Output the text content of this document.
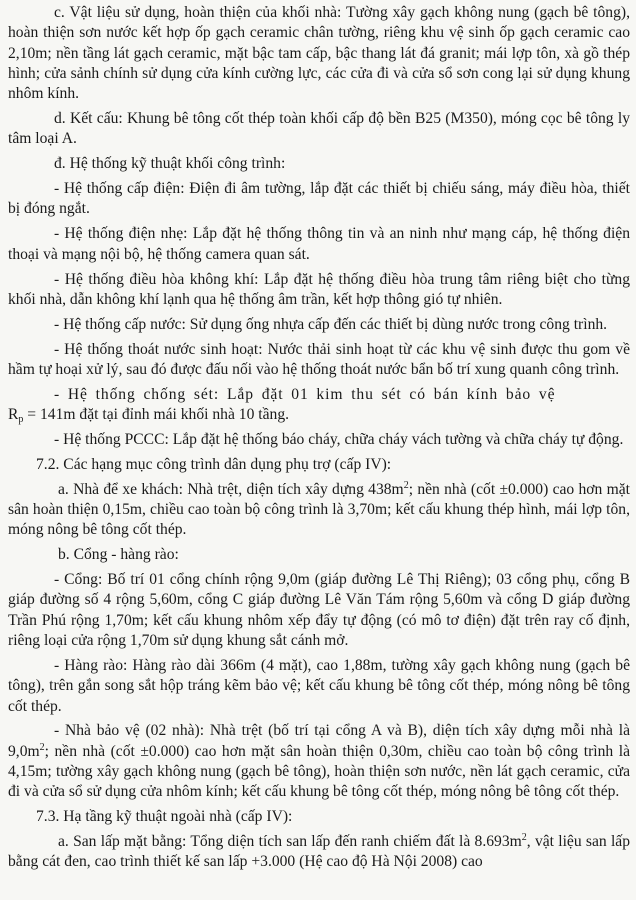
c. Vật liệu sử dụng, hoàn thiện của khối nhà: Tường xây gạch không nung (gạch bê tông), hoàn thiện sơn nước kết hợp ốp gạch ceramic chân tường, riêng khu vệ sinh ốp gạch ceramic cao 2,10m; nền tầng lát gạch ceramic, mặt bậc tam cấp, bậc thang lát đá granit; mái lợp tôn, xà gồ thép hình; cửa sảnh chính sử dụng cửa kính cường lực, các cửa đi và cửa sổ sơn cong lại sử dụng khung nhôm kính.

d. Kết cấu: Khung bê tông cốt thép toàn khối cấp độ bền B25 (M350), móng cọc bê tông ly tâm loại A.

đ. Hệ thống kỹ thuật khối công trình:

- Hệ thống cấp điện: Điện đi âm tường, lắp đặt các thiết bị chiếu sáng, máy điều hòa, thiết bị đóng ngắt.

- Hệ thống điện nhẹ: Lắp đặt hệ thống thông tin và an ninh như mạng cáp, hệ thống điện thoại và mạng nội bộ, hệ thống camera quan sát.

- Hệ thống điều hòa không khí: Lắp đặt hệ thống điều hòa trung tâm riêng biệt cho từng khối nhà, dẫn không khí lạnh qua hệ thống âm trần, kết hợp thông gió tự nhiên.

- Hệ thống cấp nước: Sử dụng ống nhựa cấp đến các thiết bị dùng nước trong công trình.

- Hệ thống thoát nước sinh hoạt: Nước thải sinh hoạt từ các khu vệ sinh được thu gom về hầm tự hoại xử lý, sau đó được đấu nối vào hệ thống thoát nước bẩn bố trí xung quanh công trình.

- Hệ thống chống sét: Lắp đặt 01 kim thu sét có bán kính bảo vệ
$R_p = 141m$ đặt tại đỉnh mái khối nhà 10 tầng.

- Hệ thống PCCC: Lắp đặt hệ thống báo cháy, chữa cháy vách tường và chữa cháy tự động.

7.2. Các hạng mục công trình dân dụng phụ trợ (cấp IV):

a. Nhà để xe khách: Nhà trệt, diện tích xây dựng $438m^2$; nền nhà (cốt ±0.000) cao hơn mặt sân hoàn thiện 0,15m, chiều cao toàn bộ công trình là 3,70m; kết cấu khung thép hình, mái lợp tôn, móng nông bê tông cốt thép.

b. Cổng - hàng rào:

- Cổng: Bố trí 01 cổng chính rộng 9,0m (giáp đường Lê Thị Riêng); 03 cổng phụ, cổng B giáp đường số 4 rộng 5,60m, cổng C giáp đường Lê Văn Tám rộng 5,60m và cổng D giáp đường Trần Phú rộng 1,70m; kết cấu khung nhôm xếp đẩy tự động (có mô tơ điện) đặt trên ray cố định, riêng loại cửa rộng 1,70m sử dụng khung sắt cánh mở.

- Hàng rào: Hàng rào dài 366m (4 mặt), cao 1,88m, tường xây gạch không nung (gạch bê tông), trên gắn song sắt hộp tráng kẽm bảo vệ; kết cấu khung bê tông cốt thép, móng nông bê tông cốt thép.

- Nhà bảo vệ (02 nhà): Nhà trệt (bố trí tại cổng A và B), diện tích xây dựng mỗi nhà là $9,0m^2$; nền nhà (cốt ±0.000) cao hơn mặt sân hoàn thiện 0,30m, chiều cao toàn bộ công trình là 4,15m; tường xây gạch không nung (gạch bê tông), hoàn thiện sơn nước, nền lát gạch ceramic, cửa đi và cửa sổ sử dụng cửa nhôm kính; kết cấu khung bê tông cốt thép, móng nông bê tông cốt thép.

7.3. Hạ tầng kỹ thuật ngoài nhà (cấp IV):

a. San lấp mặt bằng: Tổng diện tích san lấp đến ranh chiếm đất là $8.693m^2$, vật liệu san lấp bằng cát đen, cao trình thiết kế san lấp +3.000 (Hệ cao độ Hà Nội 2008) cao
